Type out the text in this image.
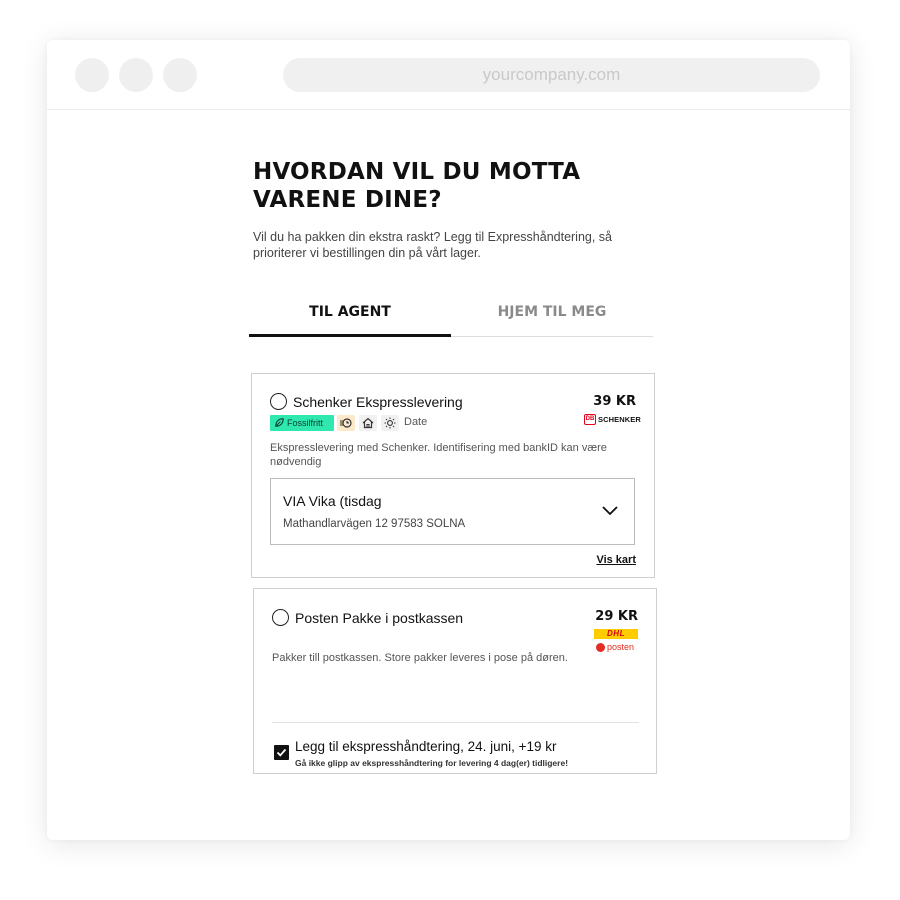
yourcompany.com
HVORDAN VIL DU MOTTA VARENE DINE?

Vil du ha pakken din ekstra raskt? Legg til Expresshåndtering, så prioriterer vi bestillingen din på vårt lager.

TIL AGENT	HJEM TIL MEG
Schenker Ekspresslevering	39 KR
DB SCHENKER
Fossilfritt	Date
Ekspresslevering med Schenker. Identifisering med bankID kan være nødvendig
VIA Vika (tisdag
Mathandlarvägen 12 97583 SOLNA
Vis kart
Posten Pakke i postkassen	29 KR
DHL
posten
Pakker till postkassen. Store pakker leveres i pose på døren.
Legg til ekspresshåndtering, 24. juni, +19 kr
Gå ikke glipp av ekspresshåndtering for levering 4 dag(er) tidligere!
